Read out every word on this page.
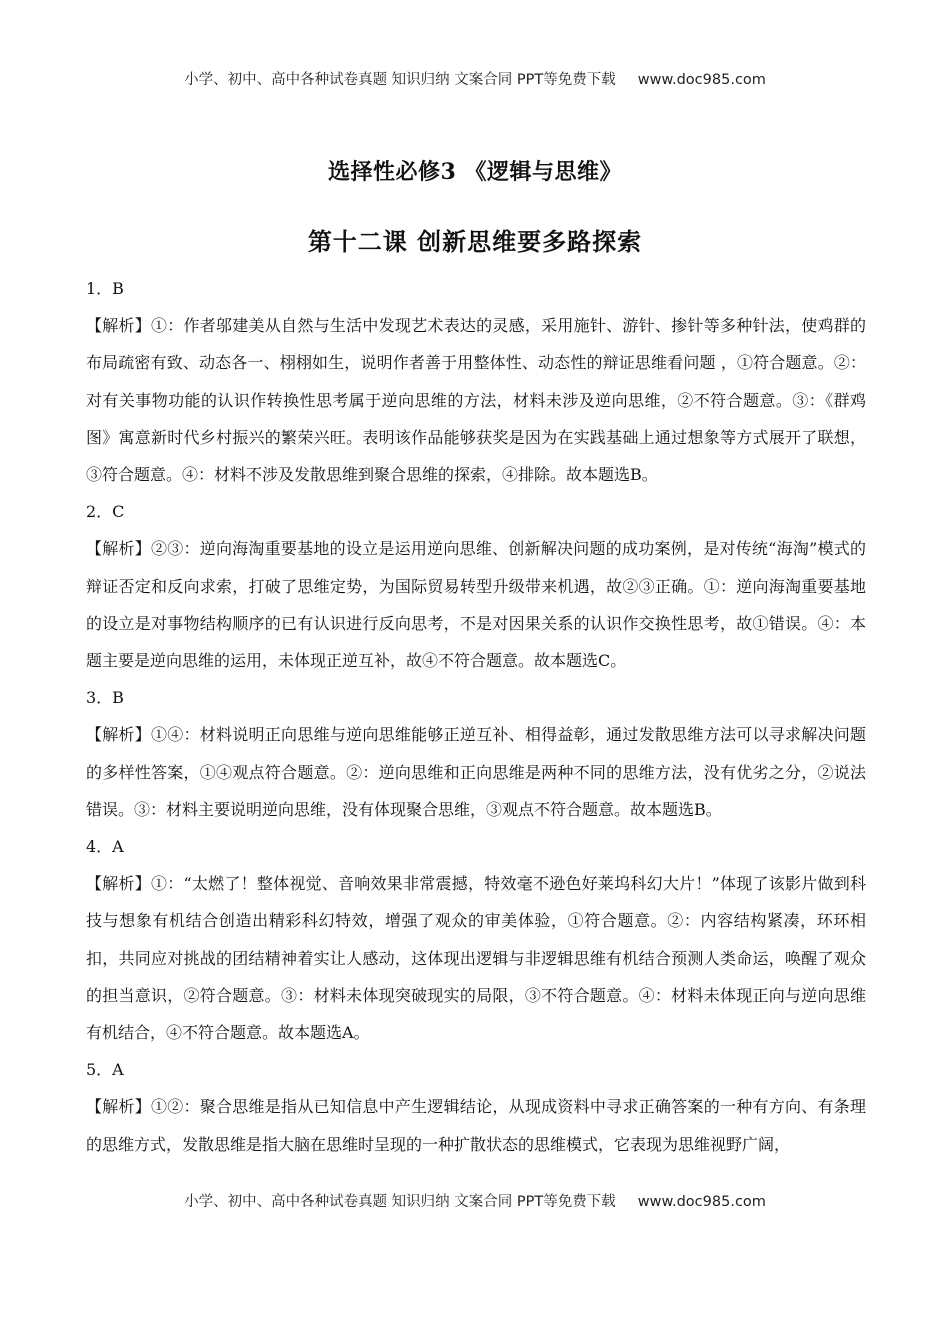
小学、初中、高中各种试卷真题 知识归纳 文案合同 PPT等免费下载 www.doc985.com
选择性必修3 《逻辑与思维》
第十二课 创新思维要多路探索

1．B

【解析】①：作者邬建美从自然与生活中发现艺术表达的灵感，采用施针、游针、掺针等多种针法，使鸡群的布局疏密有致、动态各一、栩栩如生，说明作者善于用整体性、动态性的辩证思维看问题 ，①符合题意。②：对有关事物功能的认识作转换性思考属于逆向思维的方法，材料未涉及逆向思维，②不符合题意。③：《群鸡图》寓意新时代乡村振兴的繁荣兴旺。表明该作品能够获奖是因为在实践基础上通过想象等方式展开了联想，③符合题意。④：材料不涉及发散思维到聚合思维的探索，④排除。故本题选B。

2．C

【解析】②③：逆向海淘重要基地的设立是运用逆向思维、创新解决问题的成功案例，是对传统“海淘”模式的辩证否定和反向求索，打破了思维定势，为国际贸易转型升级带来机遇，故②③正确。①：逆向海淘重要基地的设立是对事物结构顺序的已有认识进行反向思考，不是对因果关系的认识作交换性思考，故①错误。④：本题主要是逆向思维的运用，未体现正逆互补，故④不符合题意。故本题选C。

3．B

【解析】①④：材料说明正向思维与逆向思维能够正逆互补、相得益彰，通过发散思维方法可以寻求解决问题的多样性答案，①④观点符合题意。②：逆向思维和正向思维是两种不同的思维方法，没有优劣之分，②说法错误。③：材料主要说明逆向思维，没有体现聚合思维，③观点不符合题意。故本题选B。

4．A

【解析】①：“太燃了！整体视觉、音响效果非常震撼，特效毫不逊色好莱坞科幻大片！”体现了该影片做到科技与想象有机结合创造出精彩科幻特效，增强了观众的审美体验，①符合题意。②：内容结构紧凑，环环相扣，共同应对挑战的团结精神着实让人感动，这体现出逻辑与非逻辑思维有机结合预测人类命运，唤醒了观众的担当意识，②符合题意。③：材料未体现突破现实的局限，③不符合题意。④：材料未体现正向与逆向思维有机结合，④不符合题意。故本题选A。

5．A

【解析】①②：聚合思维是指从已知信息中产生逻辑结论，从现成资料中寻求正确答案的一种有方向、有条理的思维方式，发散思维是指大脑在思维时呈现的一种扩散状态的思维模式，它表现为思维视野广阔，

小学、初中、高中各种试卷真题 知识归纳 文案合同 PPT等免费下载 www.doc985.com
